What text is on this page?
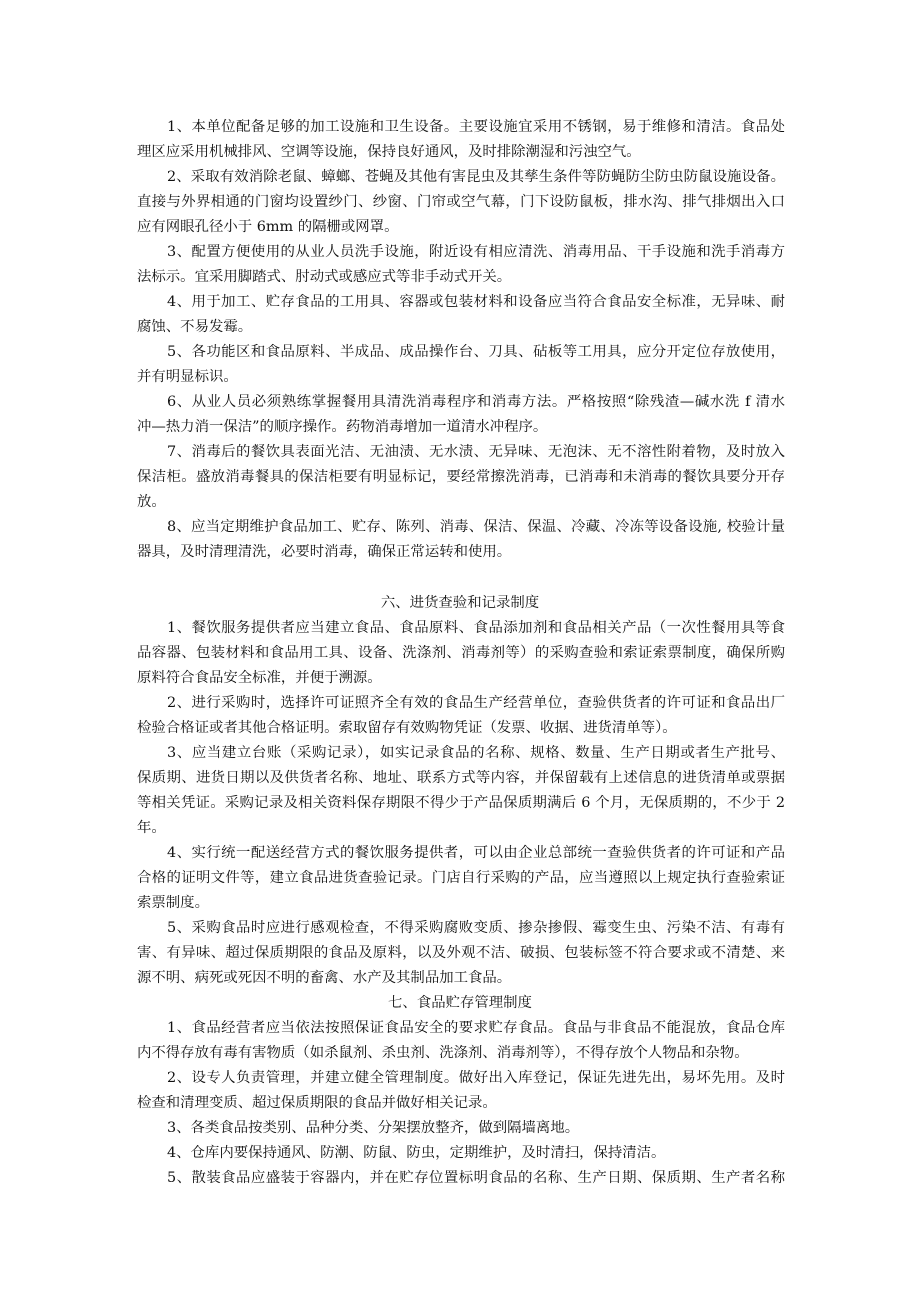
1、本单位配备足够的加工设施和卫生设备。主要设施宜采用不锈钢，易于维修和清洁。食品处

理区应采用机械排风、空调等设施，保持良好通风，及时排除潮湿和污浊空气。

2、采取有效消除老鼠、蟑螂、苍蝇及其他有害昆虫及其孳生条件等防蝇防尘防虫防鼠设施设备。

直接与外界相通的门窗均设置纱门、纱窗、门帘或空气幕，门下设防鼠板，排水沟、排气排烟出入口

应有网眼孔径小于 6mm 的隔栅或网罩。

3、配置方便使用的从业人员洗手设施，附近设有相应清洗、消毒用品、干手设施和洗手消毒方

法标示。宜采用脚踏式、肘动式或感应式等非手动式开关。

4、用于加工、贮存食品的工用具、容器或包装材料和设备应当符合食品安全标准，无异味、耐

腐蚀、不易发霉。

5、各功能区和食品原料、半成品、成品操作台、刀具、砧板等工用具，应分开定位存放使用，

并有明显标识。

6、从业人员必须熟练掌握餐用具清洗消毒程序和消毒方法。严格按照“除残渣—碱水洗 f 清水

冲—热力消一保洁”的顺序操作。药物消毒增加一道清水冲程序。

7、消毒后的餐饮具表面光洁、无油渍、无水渍、无异味、无泡沫、无不溶性附着物，及时放入

保洁柜。盛放消毒餐具的保洁柜要有明显标记，要经常擦洗消毒，已消毒和未消毒的餐饮具要分开存

放。

8、应当定期维护食品加工、贮存、陈列、消毒、保洁、保温、冷藏、冷冻等设备设施, 校验计量

器具，及时清理清洗，必要时消毒，确保正常运转和使用。

六、进货查验和记录制度

1、餐饮服务提供者应当建立食品、食品原料、食品添加剂和食品相关产品（一次性餐用具等食

品容器、包装材料和食品用工具、设备、洗涤剂、消毒剂等）的采购查验和索证索票制度，确保所购

原料符合食品安全标准，并便于溯源。

2、进行采购时，选择许可证照齐全有效的食品生产经营单位，查验供货者的许可证和食品出厂

检验合格证或者其他合格证明。索取留存有效购物凭证（发票、收据、进货清单等）。

3、应当建立台账（采购记录），如实记录食品的名称、规格、数量、生产日期或者生产批号、

保质期、进货日期以及供货者名称、地址、联系方式等内容，并保留载有上述信息的进货清单或票据

等相关凭证。采购记录及相关资料保存期限不得少于产品保质期满后 6 个月，无保质期的，不少于 2

年。

4、实行统一配送经营方式的餐饮服务提供者，可以由企业总部统一查验供货者的许可证和产品

合格的证明文件等，建立食品进货查验记录。门店自行采购的产品，应当遵照以上规定执行查验索证

索票制度。

5、采购食品时应进行感观检查，不得采购腐败变质、掺杂掺假、霉变生虫、污染不洁、有毒有

害、有异味、超过保质期限的食品及原料，以及外观不洁、破损、包装标签不符合要求或不清楚、来

源不明、病死或死因不明的畜禽、水产及其制品加工食品。

七、食品贮存管理制度

1、食品经营者应当依法按照保证食品安全的要求贮存食品。食品与非食品不能混放，食品仓库

内不得存放有毒有害物质（如杀鼠剂、杀虫剂、洗涤剂、消毒剂等），不得存放个人物品和杂物。

2、设专人负责管理，并建立健全管理制度。做好出入库登记，保证先进先出，易坏先用。及时

检查和清理变质、超过保质期限的食品并做好相关记录。

3、各类食品按类别、品种分类、分架摆放整齐，做到隔墙离地。

4、仓库内要保持通风、防潮、防鼠、防虫，定期维护，及时清扫，保持清洁。

5、散装食品应盛装于容器内，并在贮存位置标明食品的名称、生产日期、保质期、生产者名称
